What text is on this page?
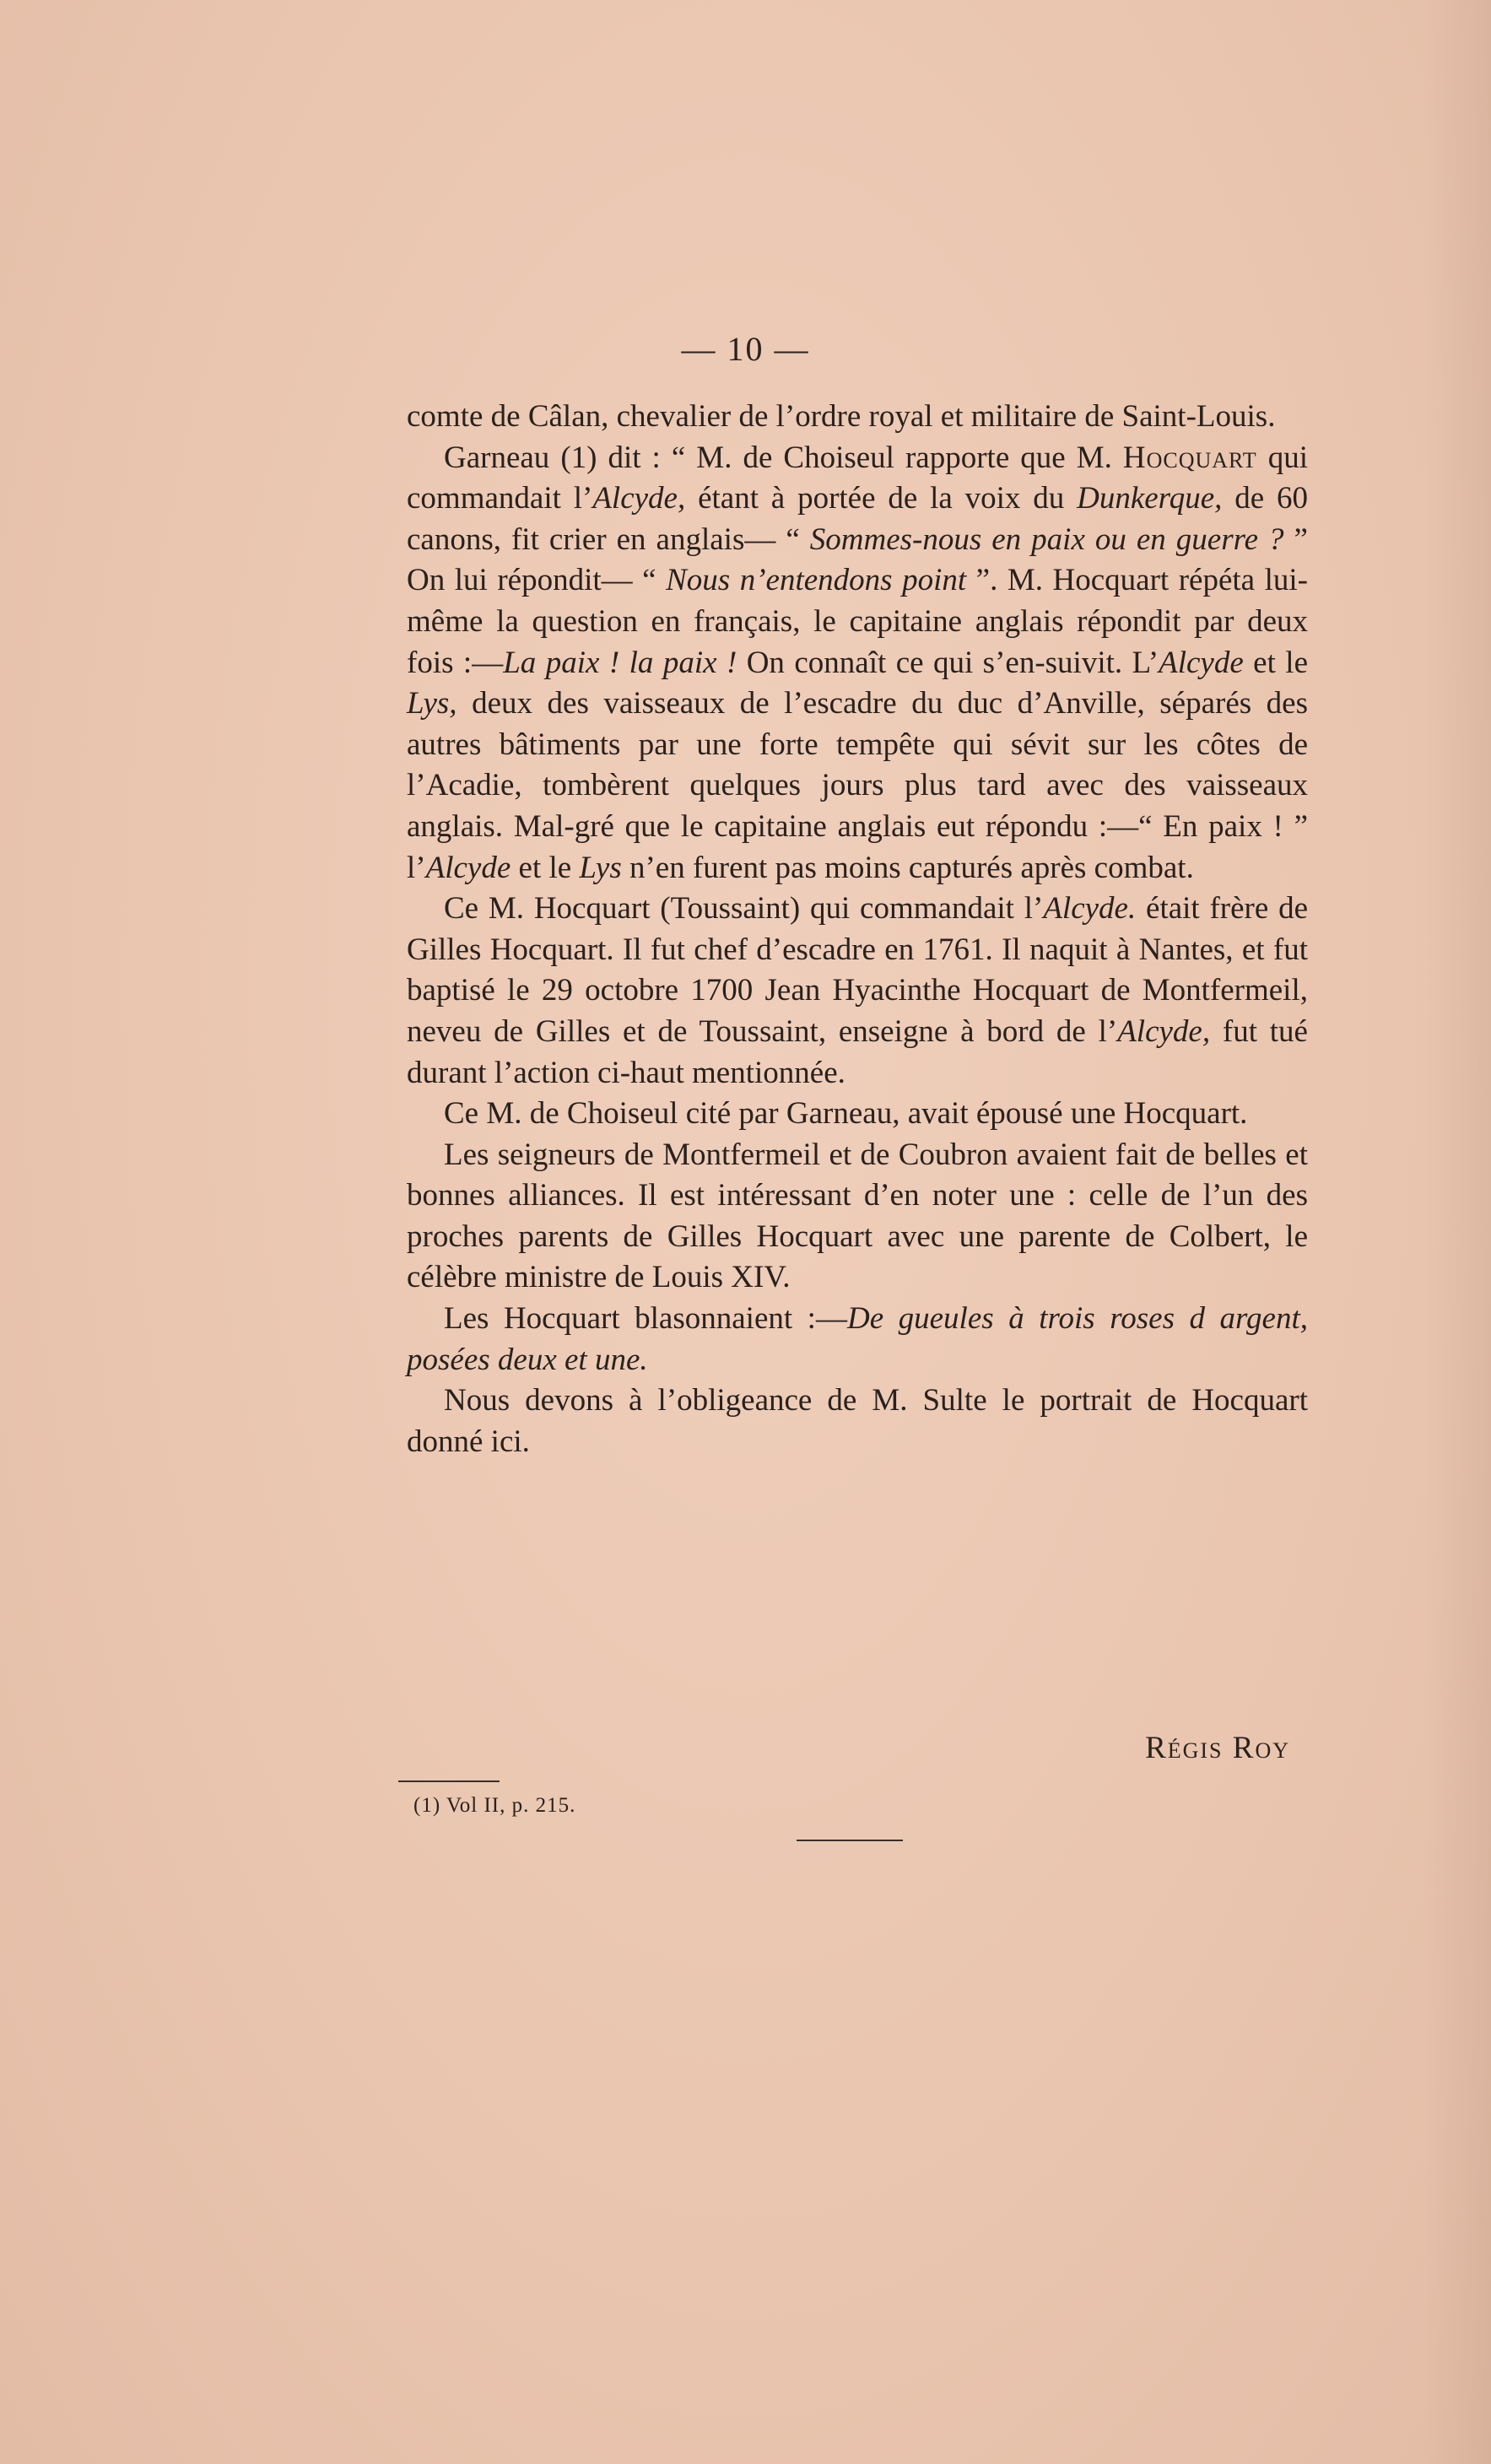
— 10 —

comte de Câlan, chevalier de l’ordre royal et militaire de Saint-Louis.

Garneau (1) dit : “ M. de Choiseul rapporte que M. Hocquart qui commandait l’Alcyde, étant à portée de la voix du Dunkerque, de 60 canons, fit crier en anglais— “ Sommes-nous en paix ou en guerre ? ” On lui répondit— “ Nous n’entendons point ”. M. Hocquart répéta lui-même la question en français, le capitaine anglais répondit par deux fois :—La paix ! la paix ! On connaît ce qui s’en-suivit. L’Alcyde et le Lys, deux des vaisseaux de l’escadre du duc d’Anville, séparés des autres bâtiments par une forte tempête qui sévit sur les côtes de l’Acadie, tombèrent quelques jours plus tard avec des vaisseaux anglais. Mal-gré que le capitaine anglais eut répondu :—“ En paix ! ” l’Alcyde et le Lys n’en furent pas moins capturés après combat.

Ce M. Hocquart (Toussaint) qui commandait l’Alcyde. était frère de Gilles Hocquart. Il fut chef d’escadre en 1761. Il naquit à Nantes, et fut baptisé le 29 octobre 1700 Jean Hyacinthe Hocquart de Montfermeil, neveu de Gilles et de Toussaint, enseigne à bord de l’Alcyde, fut tué durant l’action ci-haut mentionnée.

Ce M. de Choiseul cité par Garneau, avait épousé une Hocquart.

Les seigneurs de Montfermeil et de Coubron avaient fait de belles et bonnes alliances. Il est intéressant d’en noter une : celle de l’un des proches parents de Gilles Hocquart avec une parente de Colbert, le célèbre ministre de Louis XIV.

Les Hocquart blasonnaient :—De gueules à trois roses d argent, posées deux et une.

Nous devons à l’obligeance de M. Sulte le portrait de Hocquart donné ici.

Régis Roy
(1) Vol II, p. 215.
